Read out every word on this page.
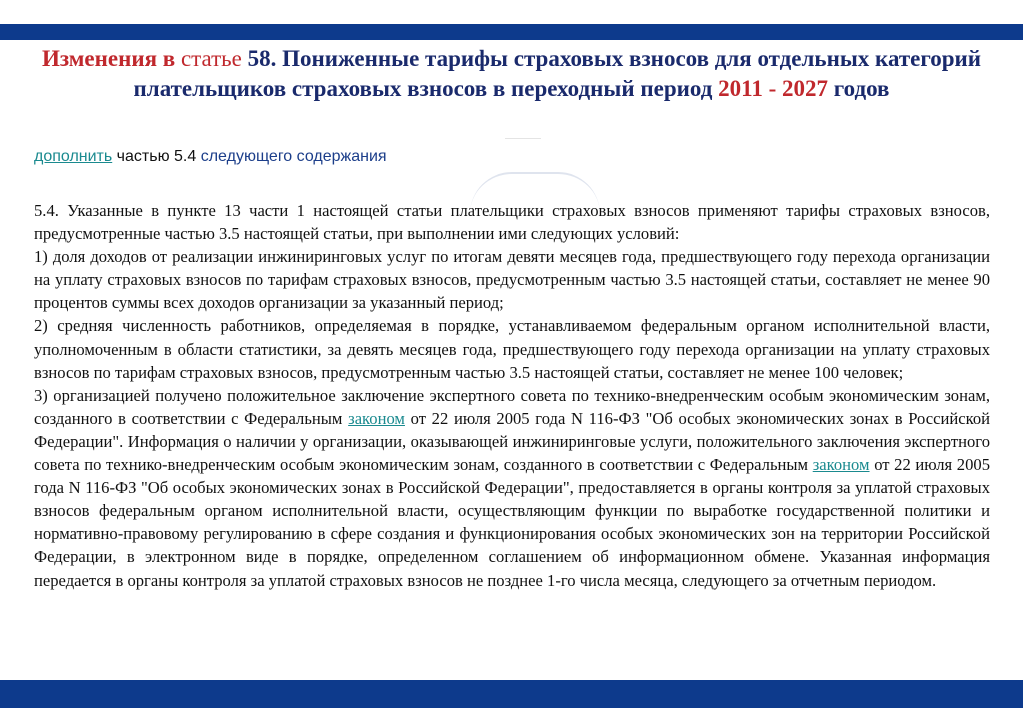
Изменения в статье 58. Пониженные тарифы страховых взносов для отдельных категорий плательщиков страховых взносов в переходный период 2011 - 2027 годов
дополнить частью 5.4 следующего содержания

5.4. Указанные в пункте 13 части 1 настоящей статьи плательщики страховых взносов применяют тарифы страховых взносов, предусмотренные частью 3.5 настоящей статьи, при выполнении ими следующих условий:

1) доля доходов от реализации инжиниринговых услуг по итогам девяти месяцев года, предшествующего году перехода организации на уплату страховых взносов по тарифам страховых взносов, предусмотренным частью 3.5 настоящей статьи, составляет не менее 90 процентов суммы всех доходов организации за указанный период;

2) средняя численность работников, определяемая в порядке, устанавливаемом федеральным органом исполнительной власти, уполномоченным в области статистики, за девять месяцев года, предшествующего году перехода организации на уплату страховых взносов по тарифам страховых взносов, предусмотренным частью 3.5 настоящей статьи, составляет не менее 100 человек;

3) организацией получено положительное заключение экспертного совета по технико-внедренческим особым экономическим зонам, созданного в соответствии с Федеральным законом от 22 июля 2005 года N 116-ФЗ "Об особых экономических зонах в Российской Федерации". Информация о наличии у организации, оказывающей инжиниринговые услуги, положительного заключения экспертного совета по технико-внедренческим особым экономическим зонам, созданного в соответствии с Федеральным законом от 22 июля 2005 года N 116-ФЗ "Об особых экономических зонах в Российской Федерации", предоставляется в органы контроля за уплатой страховых взносов федеральным органом исполнительной власти, осуществляющим функции по выработке государственной политики и нормативно-правовому регулированию в сфере создания и функционирования особых экономических зон на территории Российской Федерации, в электронном виде в порядке, определенном соглашением об информационном обмене. Указанная информация передается в органы контроля за уплатой страховых взносов не позднее 1-го числа месяца, следующего за отчетным периодом.
